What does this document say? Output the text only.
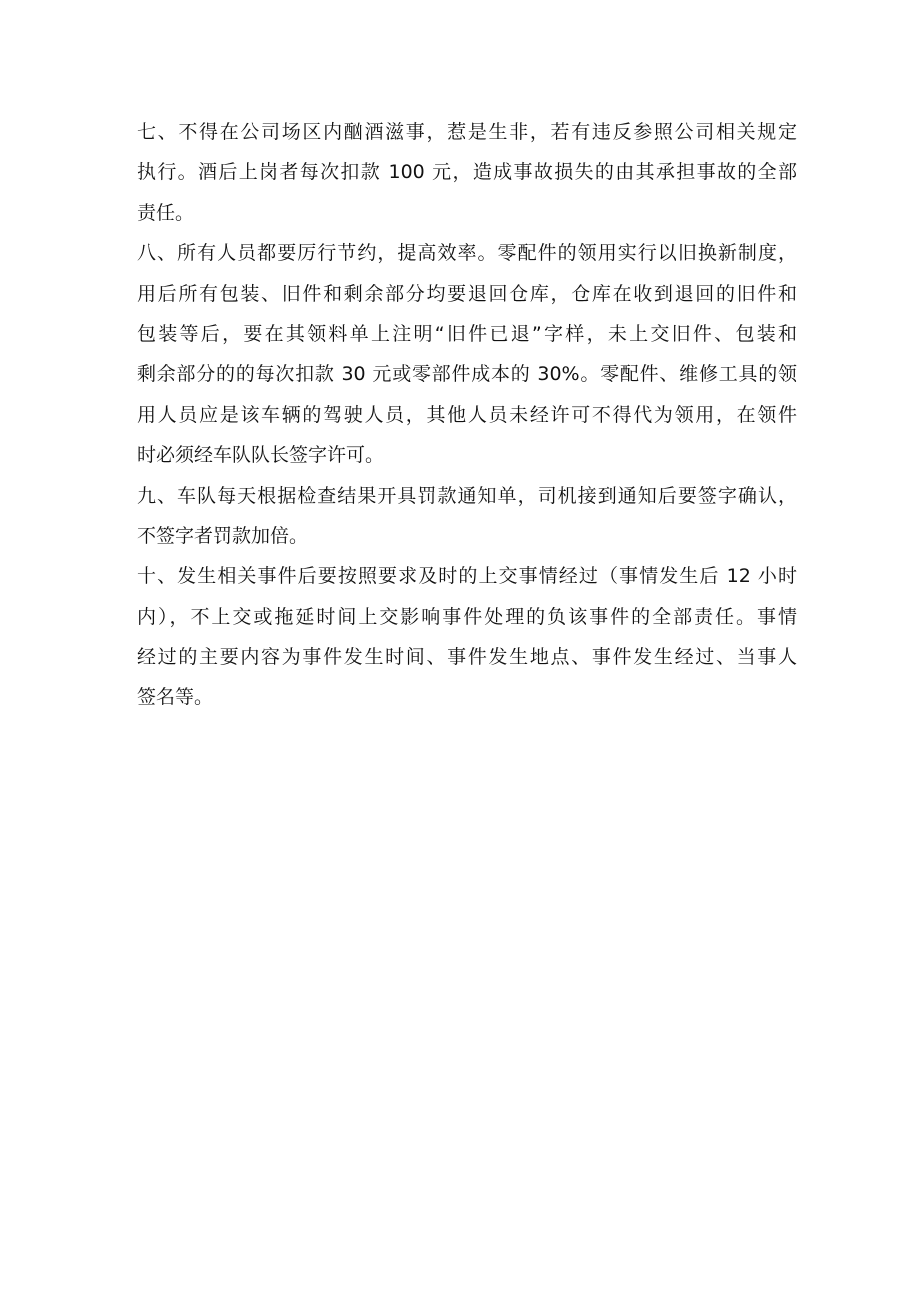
七、不得在公司场区内酗酒滋事，惹是生非，若有违反参照公司相关规定

执行。酒后上岗者每次扣款 100 元，造成事故损失的由其承担事故的全部

责任。

八、所有人员都要厉行节约，提高效率。零配件的领用实行以旧换新制度，

用后所有包装、旧件和剩余部分均要退回仓库，仓库在收到退回的旧件和

包装等后，要在其领料单上注明“旧件已退”字样，未上交旧件、包装和

剩余部分的的每次扣款 30 元或零部件成本的 30%。零配件、维修工具的领

用人员应是该车辆的驾驶人员，其他人员未经许可不得代为领用，在领件

时必须经车队队长签字许可。

九、车队每天根据检查结果开具罚款通知单，司机接到通知后要签字确认，

不签字者罚款加倍。

十、发生相关事件后要按照要求及时的上交事情经过（事情发生后 12 小时

内），不上交或拖延时间上交影响事件处理的负该事件的全部责任。事情

经过的主要内容为事件发生时间、事件发生地点、事件发生经过、当事人

签名等。
